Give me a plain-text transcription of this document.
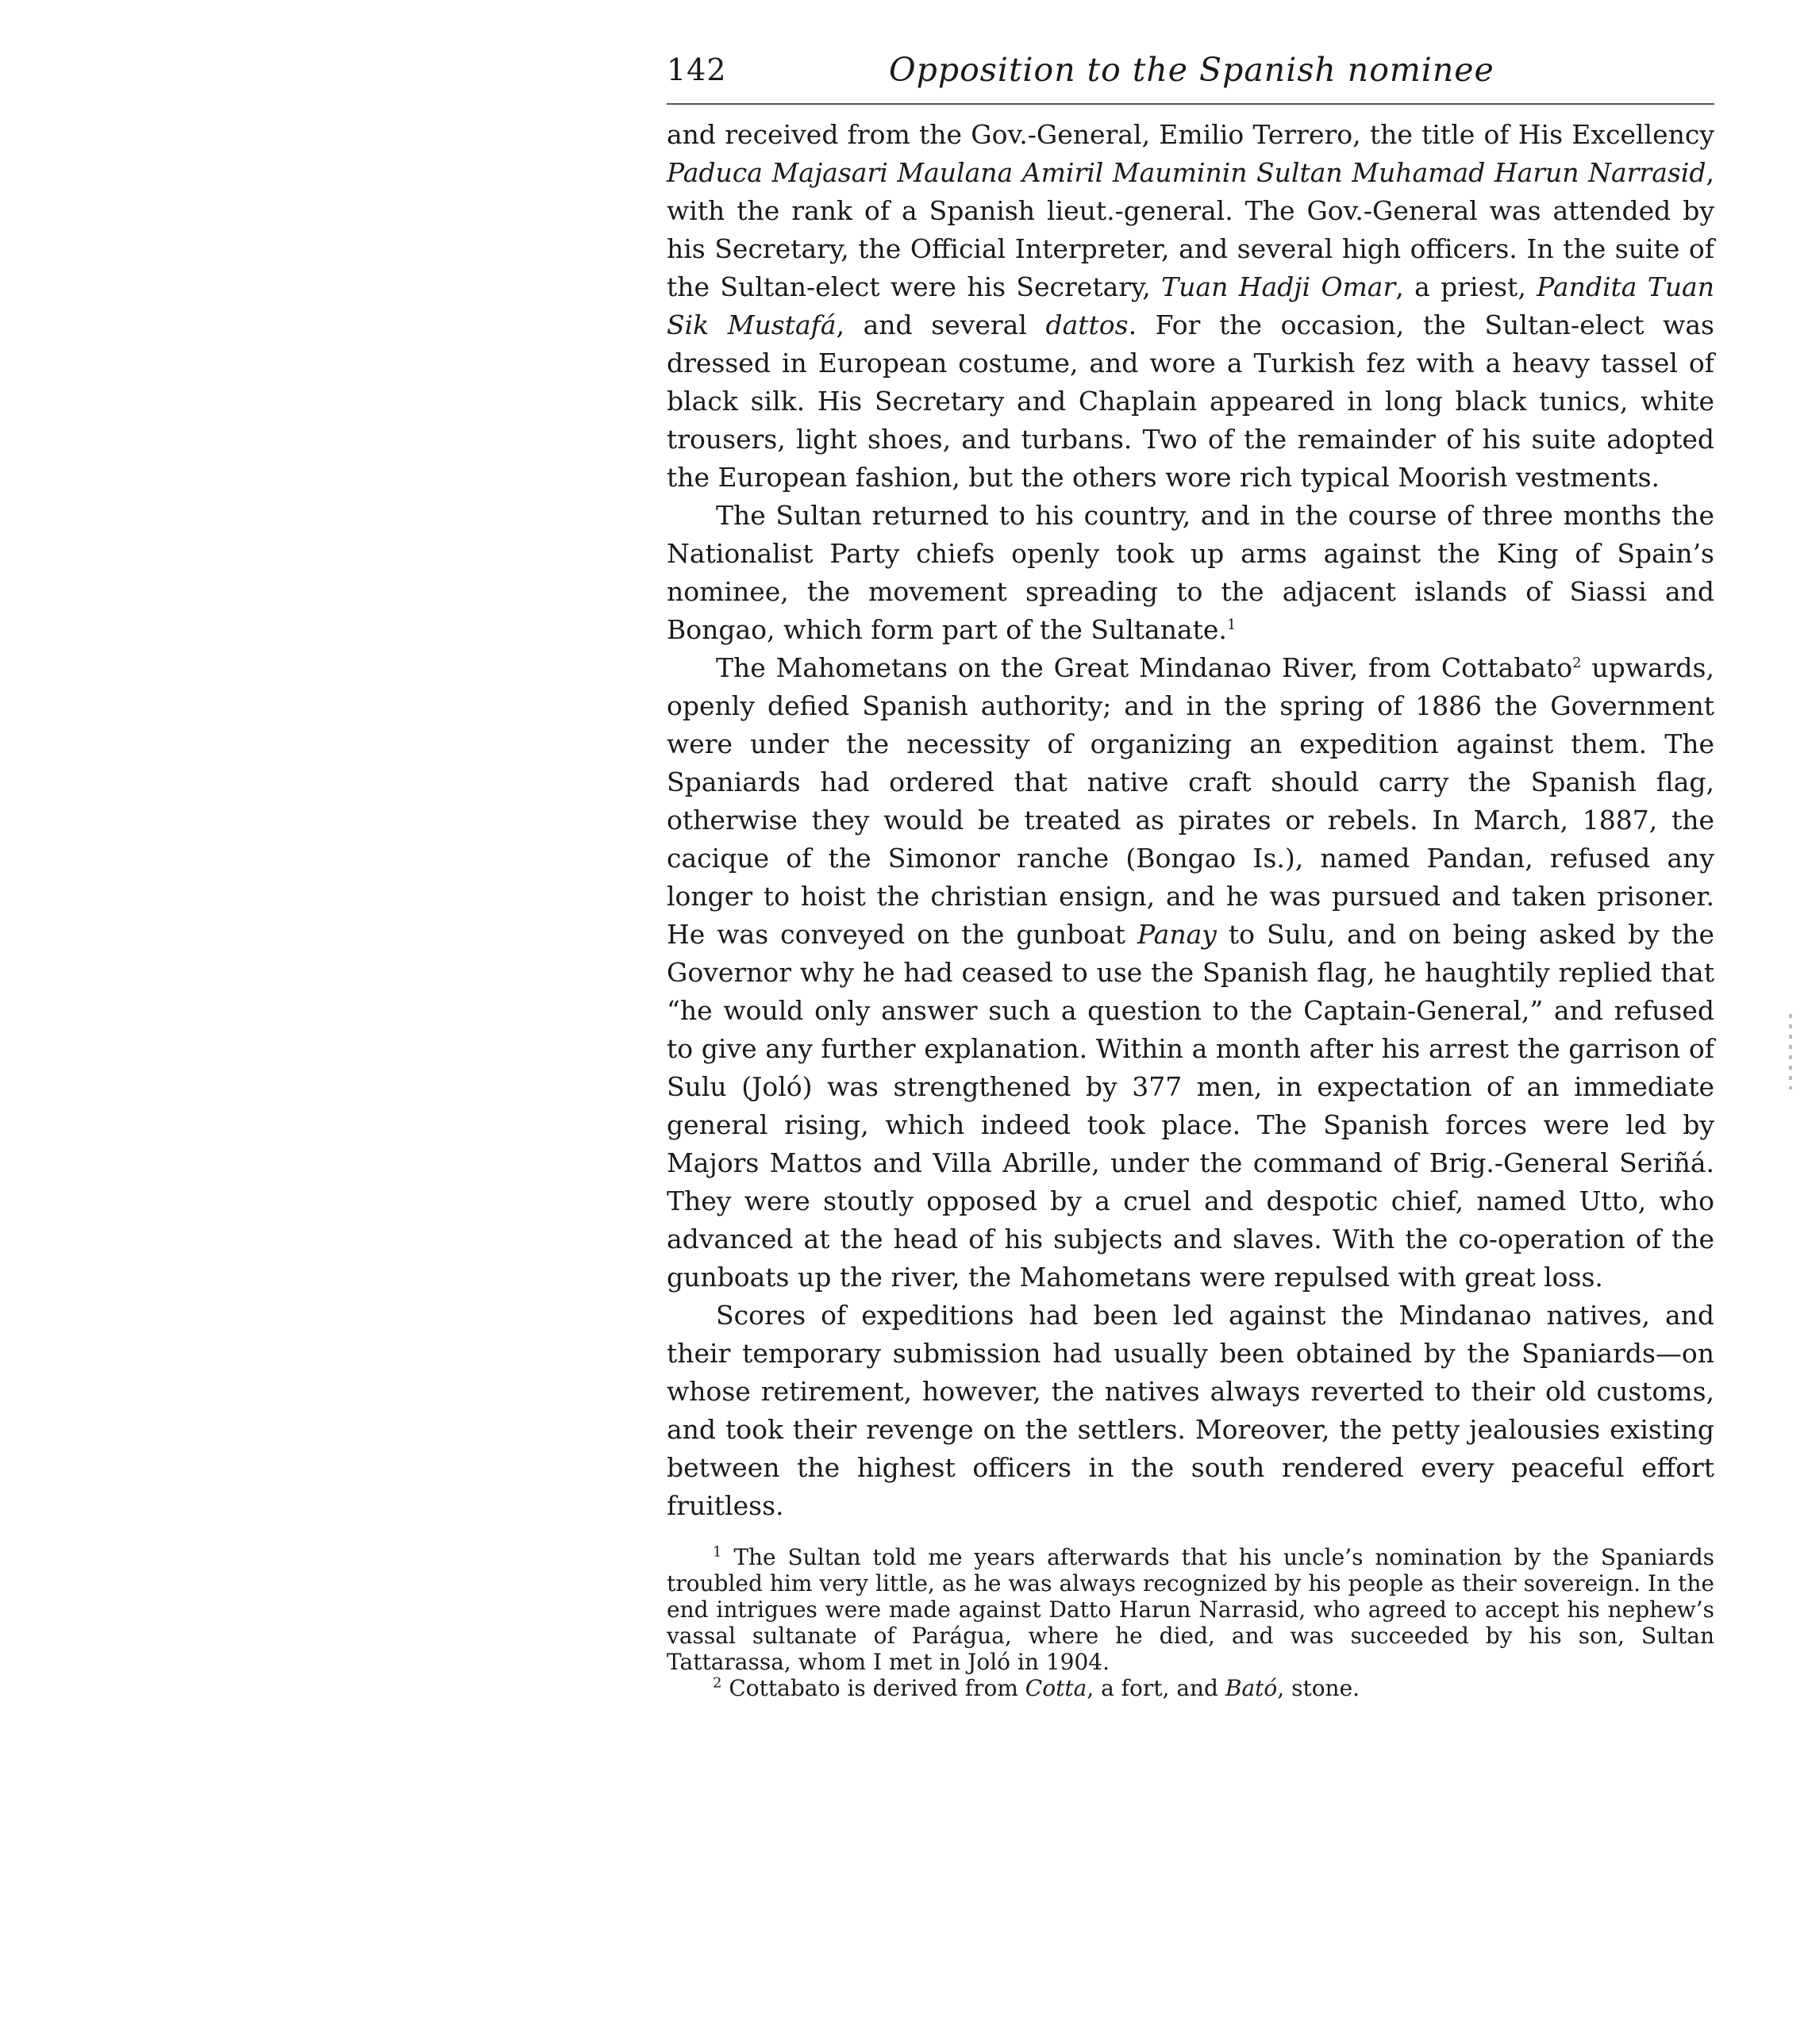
142	Opposition to the Spanish nominee

and received from the Gov.-General, Emilio Terrero, the title of His Excellency Paduca Majasari Maulana Amiril Mauminin Sultan Muhamad Harun Narrasid, with the rank of a Spanish lieut.-general. The Gov.-General was attended by his Secretary, the Official Interpreter, and several high officers. In the suite of the Sultan-elect were his Secretary, Tuan Hadji Omar, a priest, Pandita Tuan Sik Mustafá, and several dattos. For the occasion, the Sultan-elect was dressed in European costume, and wore a Turkish fez with a heavy tassel of black silk. His Secretary and Chaplain appeared in long black tunics, white trousers, light shoes, and turbans. Two of the remainder of his suite adopted the European fashion, but the others wore rich typical Moorish vestments.

The Sultan returned to his country, and in the course of three months the Nationalist Party chiefs openly took up arms against the King of Spain’s nominee, the movement spreading to the adjacent islands of Siassi and Bongao, which form part of the Sultanate.$^1$

The Mahometans on the Great Mindanao River, from Cottabato$^2$ upwards, openly defied Spanish authority; and in the spring of 1886 the Government were under the necessity of organizing an expedition against them. The Spaniards had ordered that native craft should carry the Spanish flag, otherwise they would be treated as pirates or rebels. In March, 1887, the cacique of the Simonor ranche (Bongao Is.), named Pandan, refused any longer to hoist the christian ensign, and he was pursued and taken prisoner. He was conveyed on the gunboat Panay to Sulu, and on being asked by the Governor why he had ceased to use the Spanish flag, he haughtily replied that “he would only answer such a question to the Captain-General,” and refused to give any further explanation. Within a month after his arrest the garrison of Sulu (Joló) was strengthened by 377 men, in expectation of an immediate general rising, which indeed took place. The Spanish forces were led by Majors Mattos and Villa Abrille, under the command of Brig.-General Seriñá. They were stoutly opposed by a cruel and despotic chief, named Utto, who advanced at the head of his subjects and slaves. With the co-operation of the gunboats up the river, the Mahometans were repulsed with great loss.

Scores of expeditions had been led against the Mindanao natives, and their temporary submission had usually been obtained by the Spaniards—on whose retirement, however, the natives always reverted to their old customs, and took their revenge on the settlers. Moreover, the petty jealousies existing between the highest officers in the south rendered every peaceful effort fruitless.

$^1$ The Sultan told me years afterwards that his uncle’s nomination by the Spaniards troubled him very little, as he was always recognized by his people as their sovereign. In the end intrigues were made against Datto Harun Narrasid, who agreed to accept his nephew’s vassal sultanate of Parágua, where he died, and was succeeded by his son, Sultan Tattarassa, whom I met in Joló in 1904.

$^2$ Cottabato is derived from Cotta, a fort, and Bató, stone.
